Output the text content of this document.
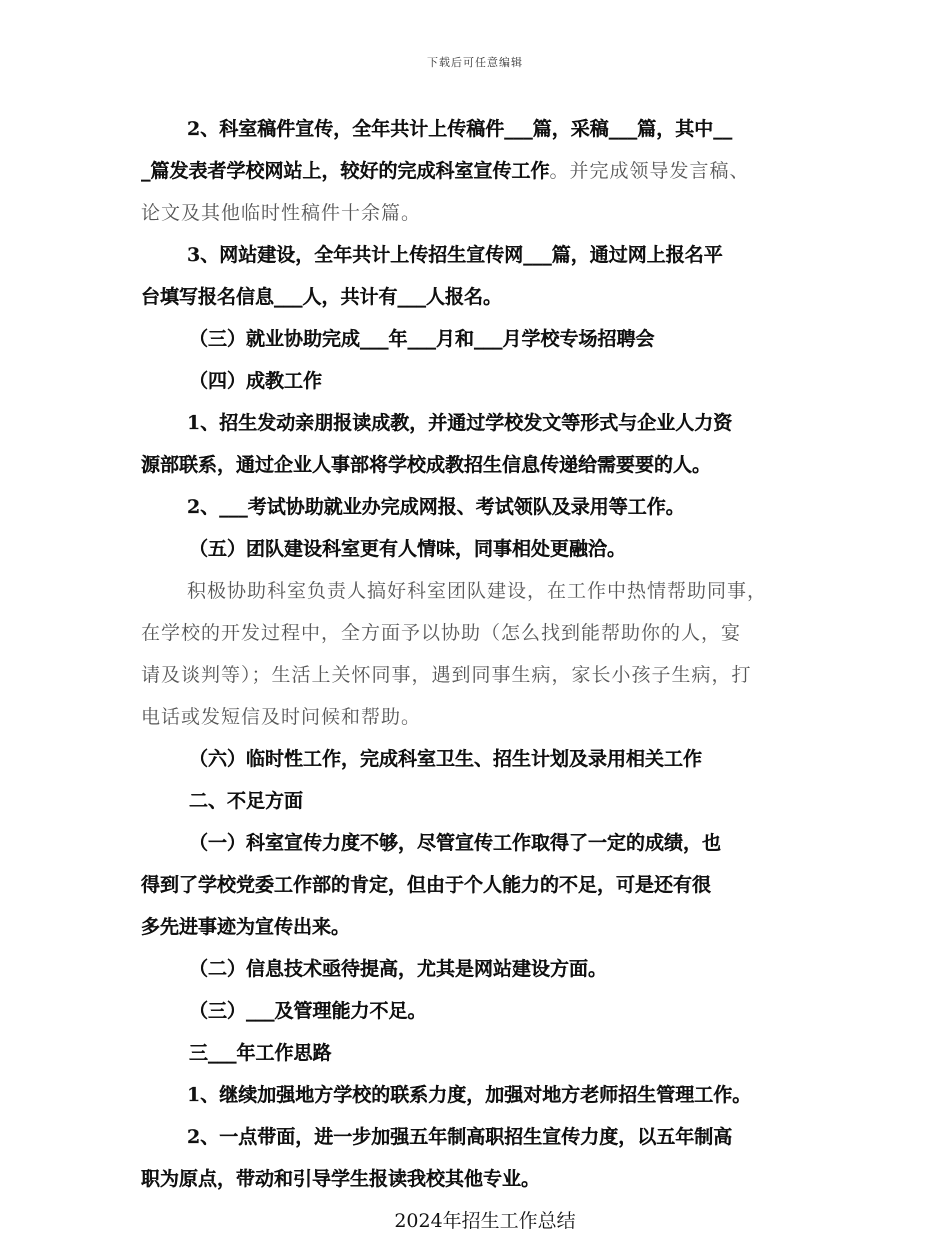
下载后可任意编辑
2、科室稿件宣传，全年共计上传稿件___篇，采稿___篇，其中__
_篇发表者学校网站上，较好的完成科室宣传工作。并完成领导发言稿、
论文及其他临时性稿件十余篇。
3、网站建设，全年共计上传招生宣传网___篇，通过网上报名平
台填写报名信息___人，共计有___人报名。
（三）就业协助完成___年___月和___月学校专场招聘会
（四）成教工作
1、招生发动亲朋报读成教，并通过学校发文等形式与企业人力资
源部联系，通过企业人事部将学校成教招生信息传递给需要要的人。
2、___考试协助就业办完成网报、考试领队及录用等工作。
（五）团队建设科室更有人情味，同事相处更融洽。
积极协助科室负责人搞好科室团队建设，在工作中热情帮助同事，
在学校的开发过程中，全方面予以协助（怎么找到能帮助你的人，宴
请及谈判等）；生活上关怀同事，遇到同事生病，家长小孩子生病，打
电话或发短信及时问候和帮助。
（六）临时性工作，完成科室卫生、招生计划及录用相关工作
二、不足方面
（一）科室宣传力度不够，尽管宣传工作取得了一定的成绩，也
得到了学校党委工作部的肯定，但由于个人能力的不足，可是还有很
多先进事迹为宣传出来。
（二）信息技术亟待提高，尤其是网站建设方面。
（三）___及管理能力不足。
三___年工作思路
1、继续加强地方学校的联系力度，加强对地方老师招生管理工作。
2、一点带面，进一步加强五年制高职招生宣传力度，以五年制高
职为原点，带动和引导学生报读我校其他专业。
2024年招生工作总结
